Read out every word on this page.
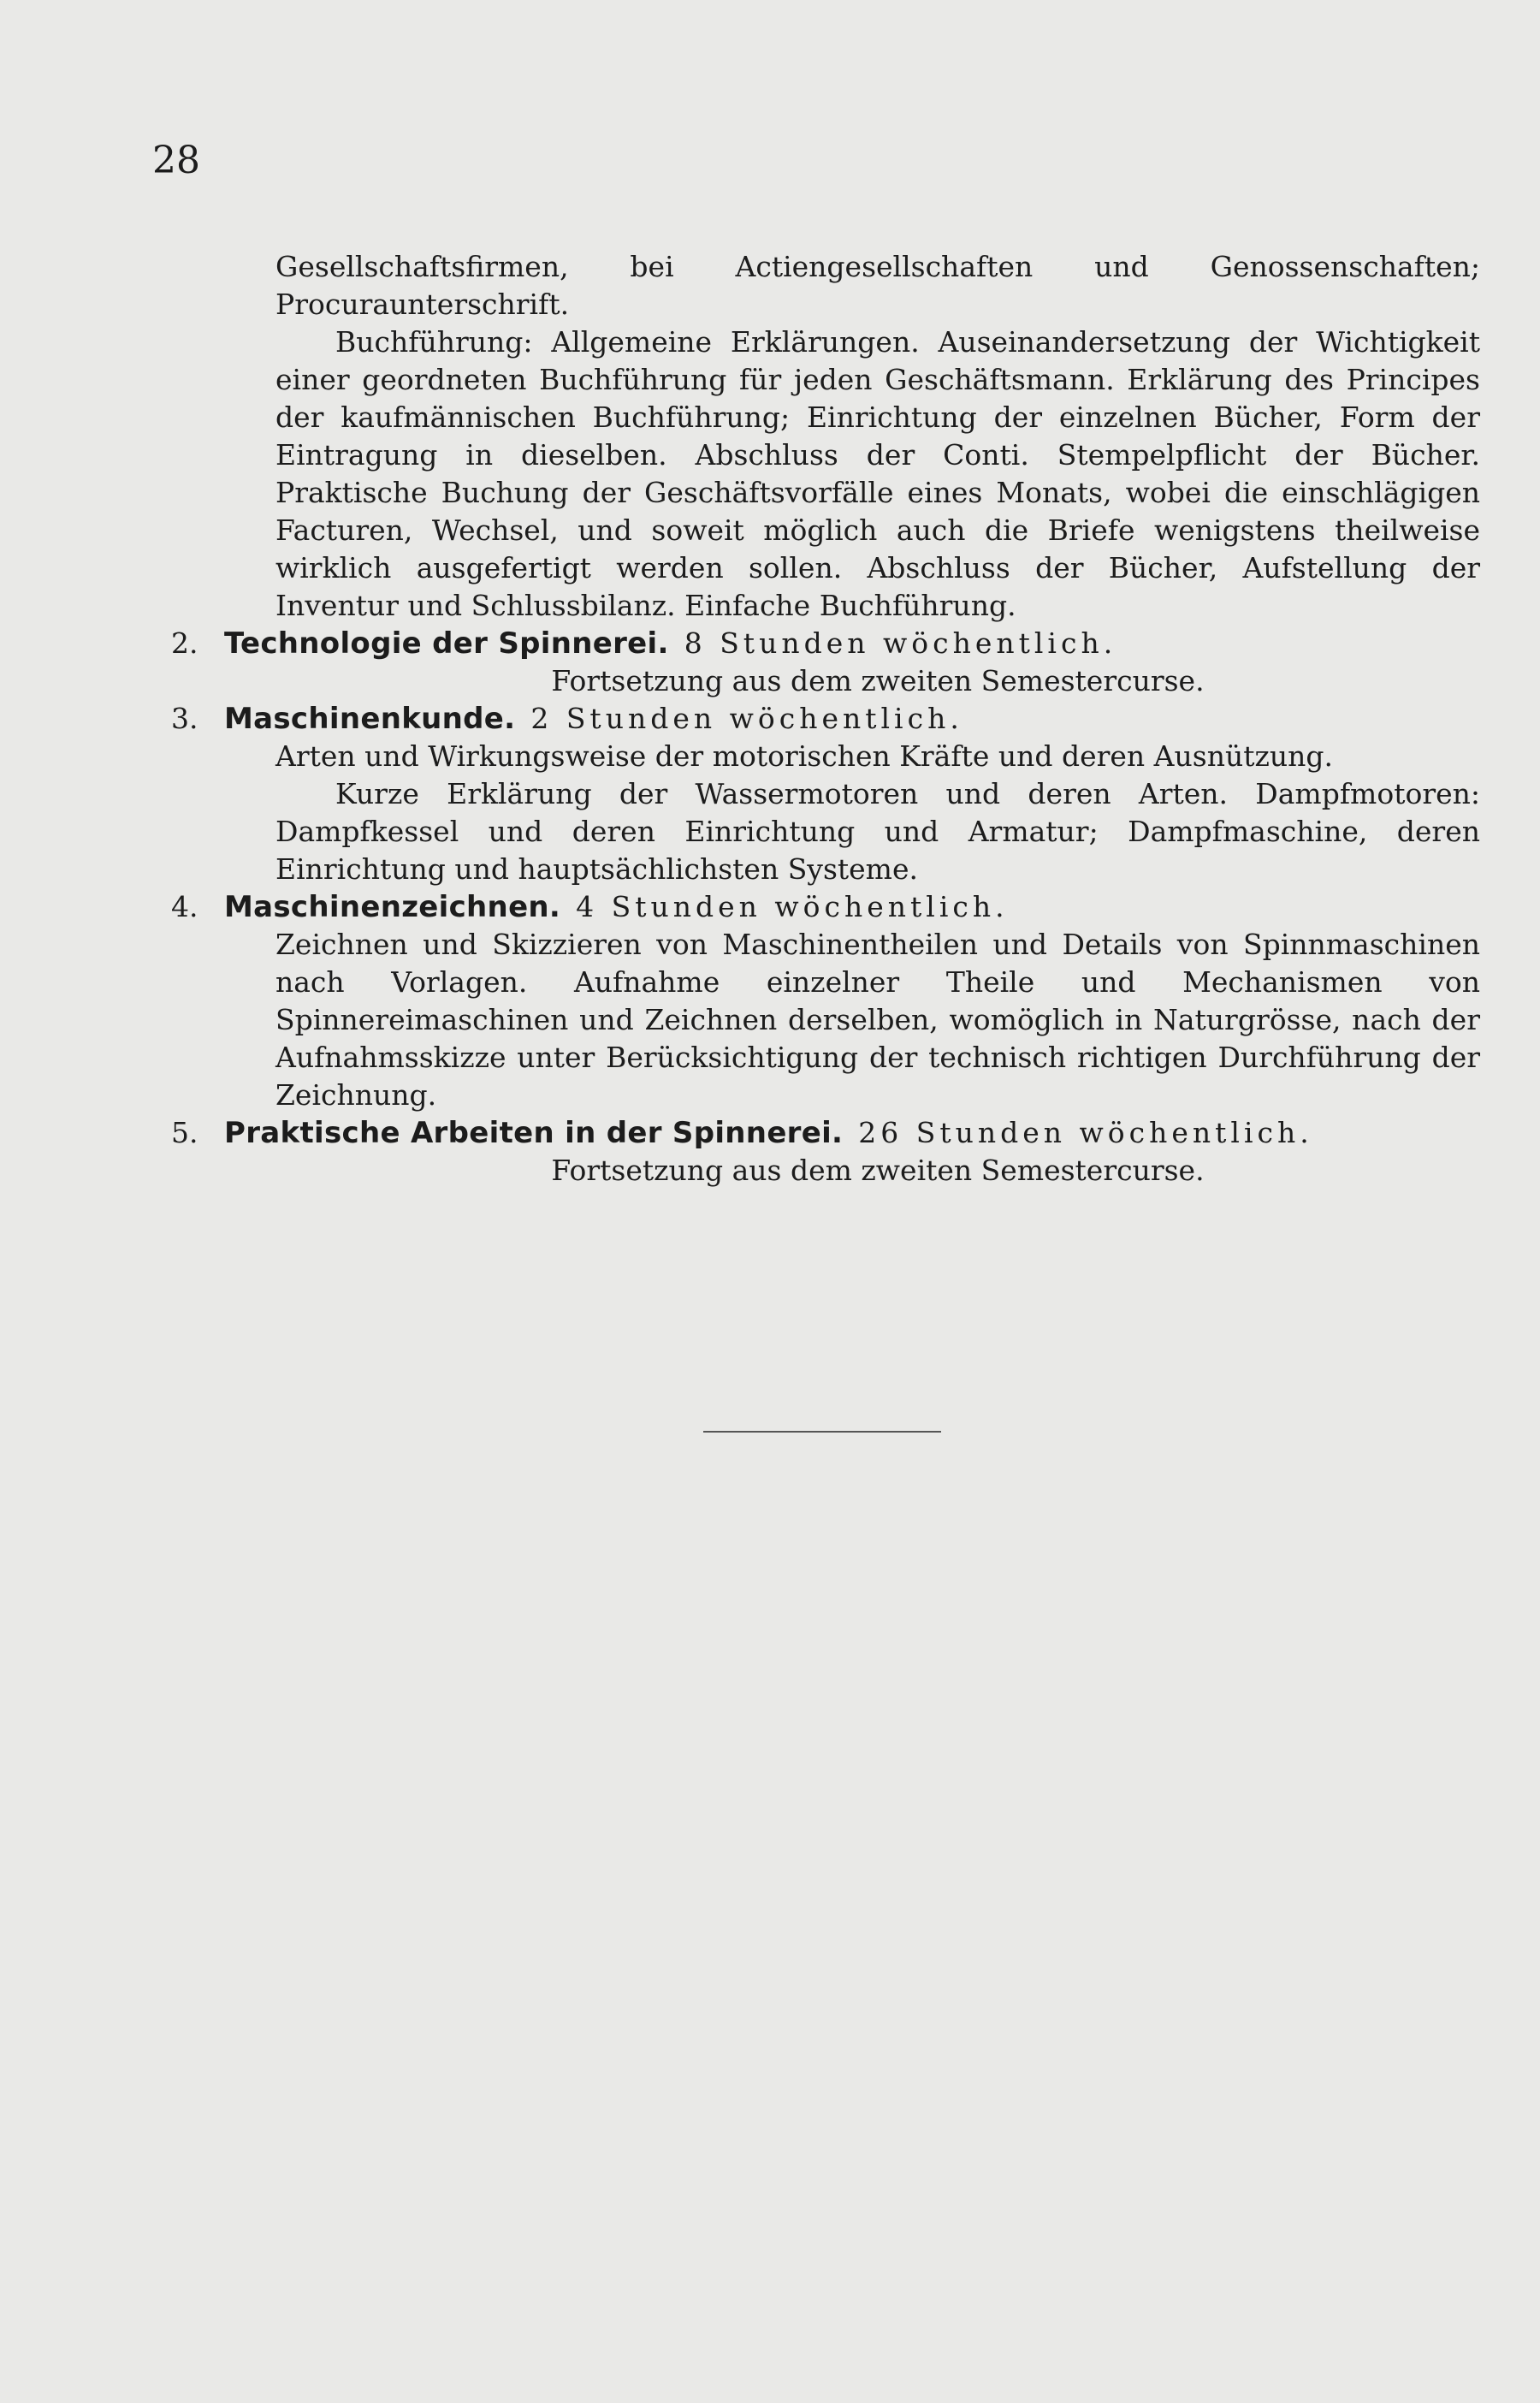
28

Gesellschaftsfirmen, bei Actiengesellschaften und Genossenschaften; Procuraunterschrift.

Buchführung: Allgemeine Erklärungen. Auseinandersetzung der Wichtigkeit einer geordneten Buchführung für jeden Geschäftsmann. Erklärung des Principes der kaufmännischen Buchführung; Einrichtung der einzelnen Bücher, Form der Eintragung in dieselben. Abschluss der Conti. Stempelpflicht der Bücher. Praktische Buchung der Geschäftsvorfälle eines Monats, wobei die einschlägigen Facturen, Wechsel, und soweit möglich auch die Briefe wenigstens theilweise wirklich ausgefertigt werden sollen. Abschluss der Bücher, Aufstellung der Inventur und Schlussbilanz. Einfache Buchführung.

2. Technologie der Spinnerei. 8 Stunden wöchentlich.

Fortsetzung aus dem zweiten Semestercurse.

3. Maschinenkunde. 2 Stunden wöchentlich.

Arten und Wirkungsweise der motorischen Kräfte und deren Ausnützung.

Kurze Erklärung der Wassermotoren und deren Arten. Dampfmotoren: Dampfkessel und deren Einrichtung und Armatur; Dampfmaschine, deren Einrichtung und hauptsächlichsten Systeme.

4. Maschinenzeichnen. 4 Stunden wöchentlich.

Zeichnen und Skizzieren von Maschinentheilen und Details von Spinnmaschinen nach Vorlagen. Aufnahme einzelner Theile und Mechanismen von Spinnereimaschinen und Zeichnen derselben, womöglich in Naturgrösse, nach der Aufnahmsskizze unter Berücksichtigung der technisch richtigen Durchführung der Zeichnung.

5. Praktische Arbeiten in der Spinnerei. 26 Stunden wöchentlich.

Fortsetzung aus dem zweiten Semestercurse.
